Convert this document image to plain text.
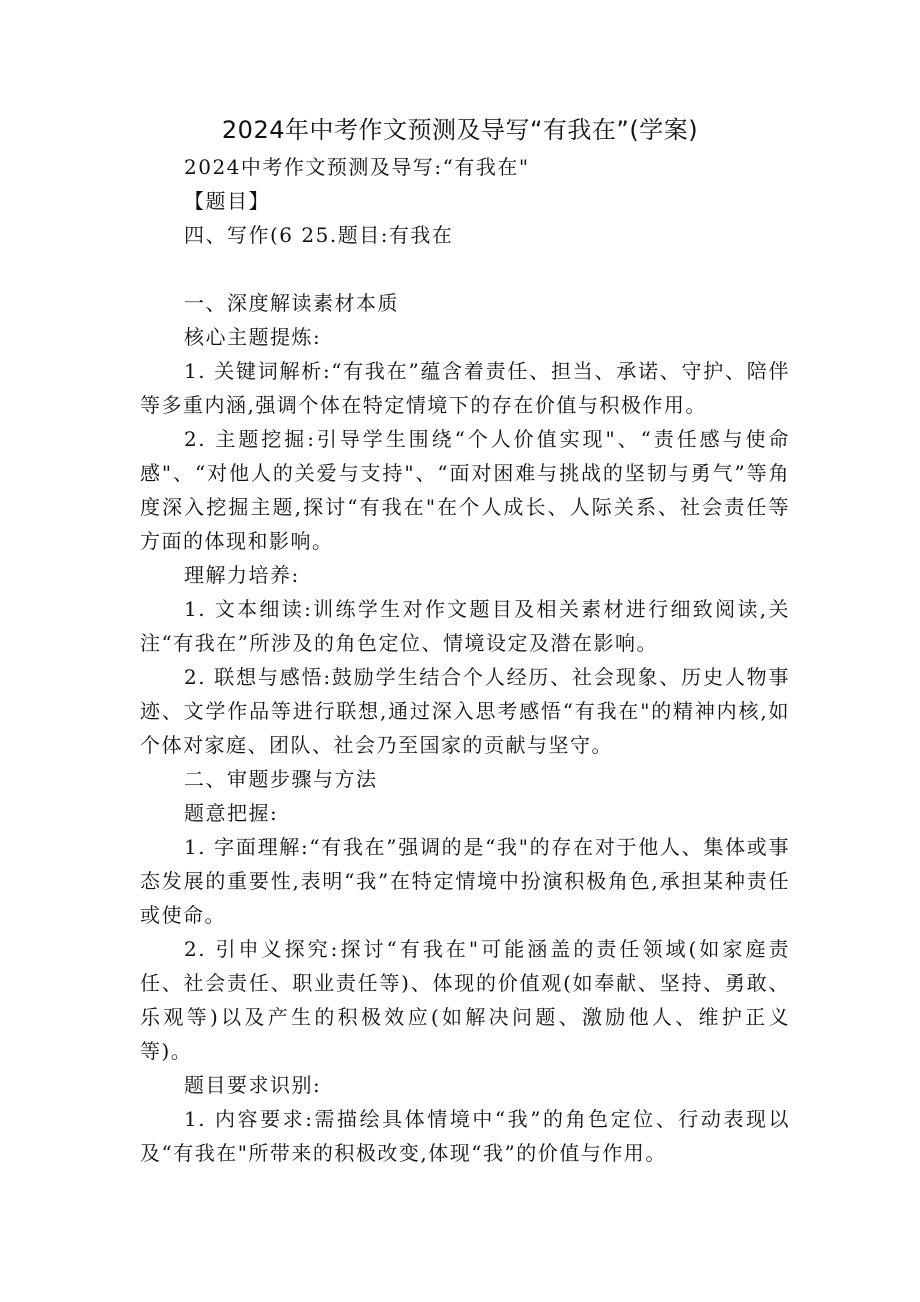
2024年中考作文预测及导写“有我在”(学案)

2024中考作文预测及导写:“有我在"

【题目】

四、写作(6 25.题目:有我在

一、深度解读素材本质

核心主题提炼:

1. 关键词解析:“有我在”蕴含着责任、担当、承诺、守护、陪伴等多重内涵,强调个体在特定情境下的存在价值与积极作用。

2. 主题挖掘:引导学生围绕“个人价值实现"、“责任感与使命感"、“对他人的关爱与支持"、“面对困难与挑战的坚韧与勇气”等角度深入挖掘主题,探讨“有我在"在个人成长、人际关系、社会责任等方面的体现和影响。

理解力培养:

1. 文本细读:训练学生对作文题目及相关素材进行细致阅读,关注“有我在”所涉及的角色定位、情境设定及潜在影响。

2. 联想与感悟:鼓励学生结合个人经历、社会现象、历史人物事迹、文学作品等进行联想,通过深入思考感悟“有我在"的精神内核,如个体对家庭、团队、社会乃至国家的贡献与坚守。

二、审题步骤与方法

题意把握:

1. 字面理解:“有我在”强调的是“我"的存在对于他人、集体或事态发展的重要性,表明“我”在特定情境中扮演积极角色,承担某种责任或使命。

2. 引申义探究:探讨“有我在"可能涵盖的责任领域(如家庭责任、社会责任、职业责任等)、体现的价值观(如奉献、坚持、勇敢、乐观等)以及产生的积极效应(如解决问题、激励他人、维护正义等)。

题目要求识别:

1. 内容要求:需描绘具体情境中“我”的角色定位、行动表现以及“有我在"所带来的积极改变,体现“我”的价值与作用。
